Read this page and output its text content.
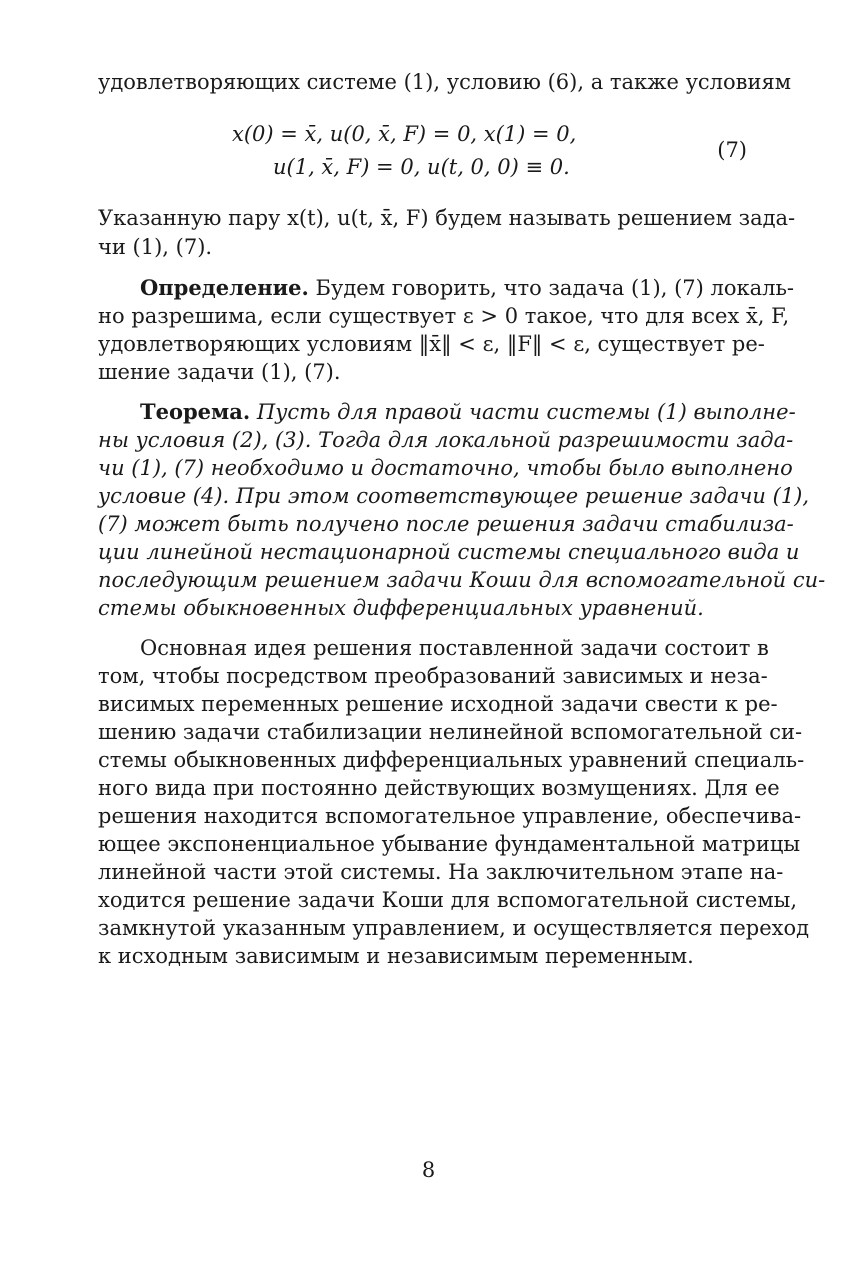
удовлетворяющих системе (1), условию (6), а также условиям
x(0) = x̄, u(0, x̄, F) = 0, x(1) = 0,
u(1, x̄, F) = 0, u(t, 0, 0) ≡ 0.
(7)
Указанную пару x(t), u(t, x̄, F) будем называть решением зада-
чи (1), (7).
Определение. Будем говорить, что задача (1), (7) локаль-
но разрешима, если существует ε > 0 такое, что для всех x̄, F,
удовлетворяющих условиям ‖x̄‖ < ε, ‖F‖ < ε, существует ре-
шение задачи (1), (7).
Теорема. Пусть для правой части системы (1) выполне-
ны условия (2), (3). Тогда для локальной разрешимости зада-
чи (1), (7) необходимо и достаточно, чтобы было выполнено
условие (4). При этом соответствующее решение задачи (1),
(7) может быть получено после решения задачи стабилиза-
ции линейной нестационарной системы специального вида и
последующим решением задачи Коши для вспомогательной си-
стемы обыкновенных дифференциальных уравнений.
Основная идея решения поставленной задачи состоит в
том, чтобы посредством преобразований зависимых и неза-
висимых переменных решение исходной задачи свести к ре-
шению задачи стабилизации нелинейной вспомогательной си-
стемы обыкновенных дифференциальных уравнений специаль-
ного вида при постоянно действующих возмущениях. Для ее
решения находится вспомогательное управление, обеспечива-
ющее экспоненциальное убывание фундаментальной матрицы
линейной части этой системы. На заключительном этапе на-
ходится решение задачи Коши для вспомогательной системы,
замкнутой указанным управлением, и осуществляется переход
к исходным зависимым и независимым переменным.
8
